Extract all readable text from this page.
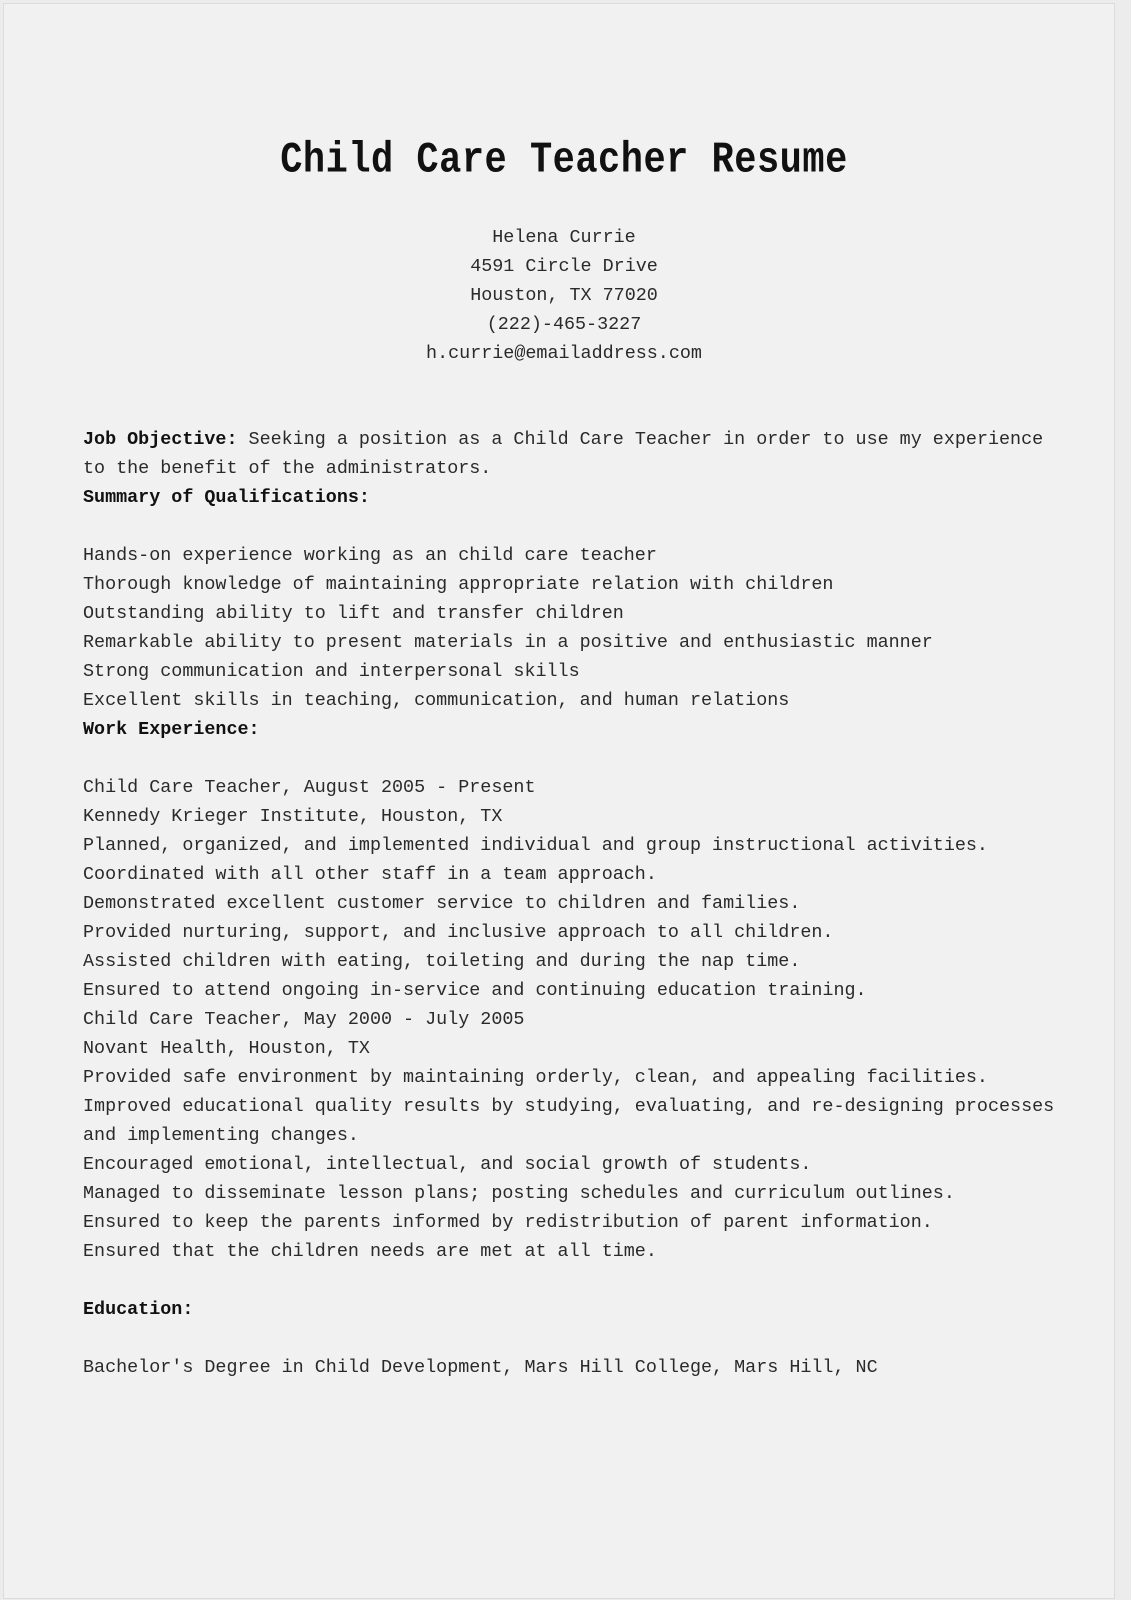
Child Care Teacher Resume
Helena Currie
4591 Circle Drive
Houston, TX 77020
(222)-465-3227
h.currie@emailaddress.com
Job Objective: Seeking a position as a Child Care Teacher in order to use my experience
to the benefit of the administrators.
Summary of Qualifications:
Hands-on experience working as an child care teacher
Thorough knowledge of maintaining appropriate relation with children
Outstanding ability to lift and transfer children
Remarkable ability to present materials in a positive and enthusiastic manner
Strong communication and interpersonal skills
Excellent skills in teaching, communication, and human relations
Work Experience:
Child Care Teacher, August 2005 - Present
Kennedy Krieger Institute, Houston, TX
Planned, organized, and implemented individual and group instructional activities.
Coordinated with all other staff in a team approach.
Demonstrated excellent customer service to children and families.
Provided nurturing, support, and inclusive approach to all children.
Assisted children with eating, toileting and during the nap time.
Ensured to attend ongoing in-service and continuing education training.
Child Care Teacher, May 2000 - July 2005
Novant Health, Houston, TX
Provided safe environment by maintaining orderly, clean, and appealing facilities.
Improved educational quality results by studying, evaluating, and re-designing processes
and implementing changes.
Encouraged emotional, intellectual, and social growth of students.
Managed to disseminate lesson plans; posting schedules and curriculum outlines.
Ensured to keep the parents informed by redistribution of parent information.
Ensured that the children needs are met at all time.
Education:
Bachelor's Degree in Child Development, Mars Hill College, Mars Hill, NC
